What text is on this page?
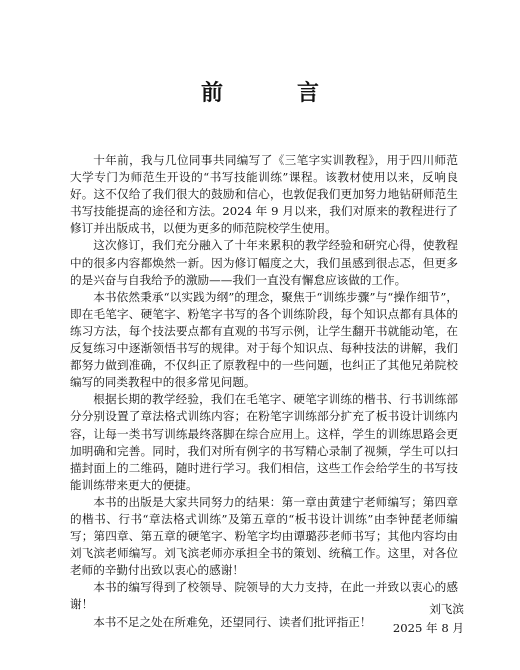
前　言

十年前，我与几位同事共同编写了《三笔字实训教程》，用于四川师范大学专门为师范生开设的“书写技能训练”课程。该教材使用以来，反响良好。这不仅给了我们很大的鼓励和信心，也敦促我们更加努力地钻研师范生书写技能提高的途径和方法。2024 年 9 月以来，我们对原来的教程进行了修订并出版成书，以便为更多的师范院校学生使用。

这次修订，我们充分融入了十年来累积的教学经验和研究心得，使教程中的很多内容都焕然一新。因为修订幅度之大，我们虽感到很忐忑，但更多的是兴奋与自我给予的激励——我们一直没有懈怠应该做的工作。

本书依然秉承“以实践为纲”的理念，聚焦于“训练步骤”与“操作细节”，即在毛笔字、硬笔字、粉笔字书写的各个训练阶段，每个知识点都有具体的练习方法，每个技法要点都有直观的书写示例，让学生翻开书就能动笔，在反复练习中逐渐领悟书写的规律。对于每个知识点、每种技法的讲解，我们都努力做到准确，不仅纠正了原教程中的一些问题，也纠正了其他兄弟院校编写的同类教程中的很多常见问题。

根据长期的教学经验，我们在毛笔字、硬笔字训练的楷书、行书训练部分分别设置了章法格式训练内容；在粉笔字训练部分扩充了板书设计训练内容，让每一类书写训练最终落脚在综合应用上。这样，学生的训练思路会更加明确和完善。同时，我们对所有例字的书写精心录制了视频，学生可以扫描封面上的二维码，随时进行学习。我们相信，这些工作会给学生的书写技能训练带来更大的便捷。

本书的出版是大家共同努力的结果：第一章由黄建宁老师编写；第四章的楷书、行书“章法格式训练”及第五章的“板书设计训练”由李钟琵老师编写；第四章、第五章的硬笔字、粉笔字均由谭璐莎老师书写；其他内容均由刘飞滨老师编写。刘飞滨老师亦承担全书的策划、统稿工作。这里，对各位老师的辛勤付出致以衷心的感谢！

本书的编写得到了校领导、院领导的大力支持，在此一并致以衷心的感谢！

本书不足之处在所难免，还望同行、读者们批评指正！

刘飞滨
2025 年 8 月
